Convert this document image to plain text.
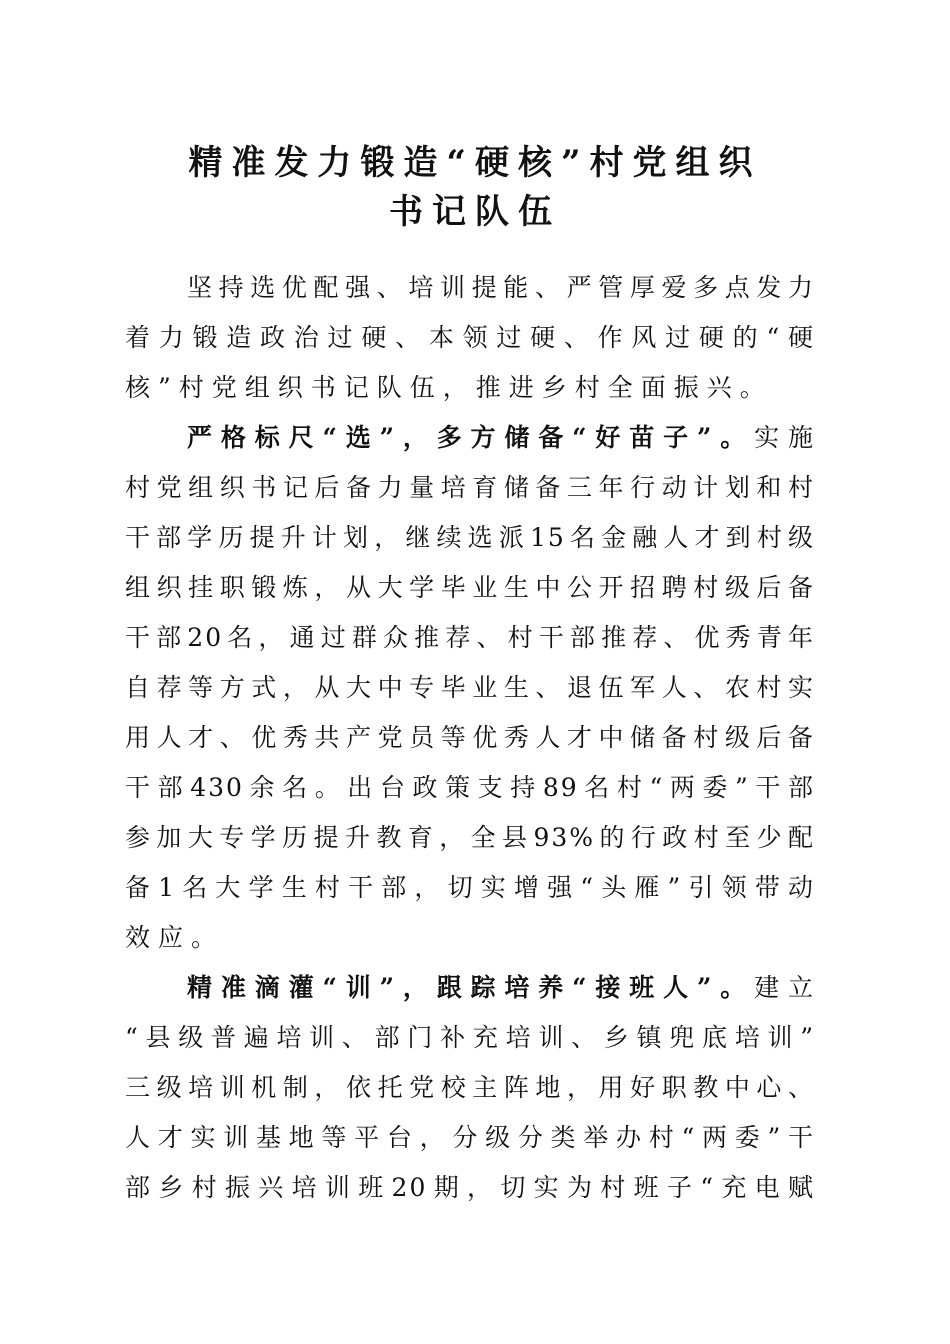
精准发力锻造“硬核”村党组织
书记队伍
坚持选优配强、培训提能、严管厚爱多点发力
着力锻造政治过硬、本领过硬、作风过硬的“硬
核”村党组织书记队伍，推进乡村全面振兴。
严格标尺“选”，多方储备“好苗子”。实施
村党组织书记后备力量培育储备三年行动计划和村
干部学历提升计划，继续选派15名金融人才到村级
组织挂职锻炼，从大学毕业生中公开招聘村级后备
干部20名，通过群众推荐、村干部推荐、优秀青年
自荐等方式，从大中专毕业生、退伍军人、农村实
用人才、优秀共产党员等优秀人才中储备村级后备
干部430余名。出台政策支持89名村“两委”干部
参加大专学历提升教育，全县93%的行政村至少配
备1名大学生村干部，切实增强“头雁”引领带动
效应。
精准滴灌“训”，跟踪培养“接班人”。建立
“县级普遍培训、部门补充培训、乡镇兜底培训”
三级培训机制，依托党校主阵地，用好职教中心、
人才实训基地等平台，分级分类举办村“两委”干
部乡村振兴培训班20期，切实为村班子“充电赋
